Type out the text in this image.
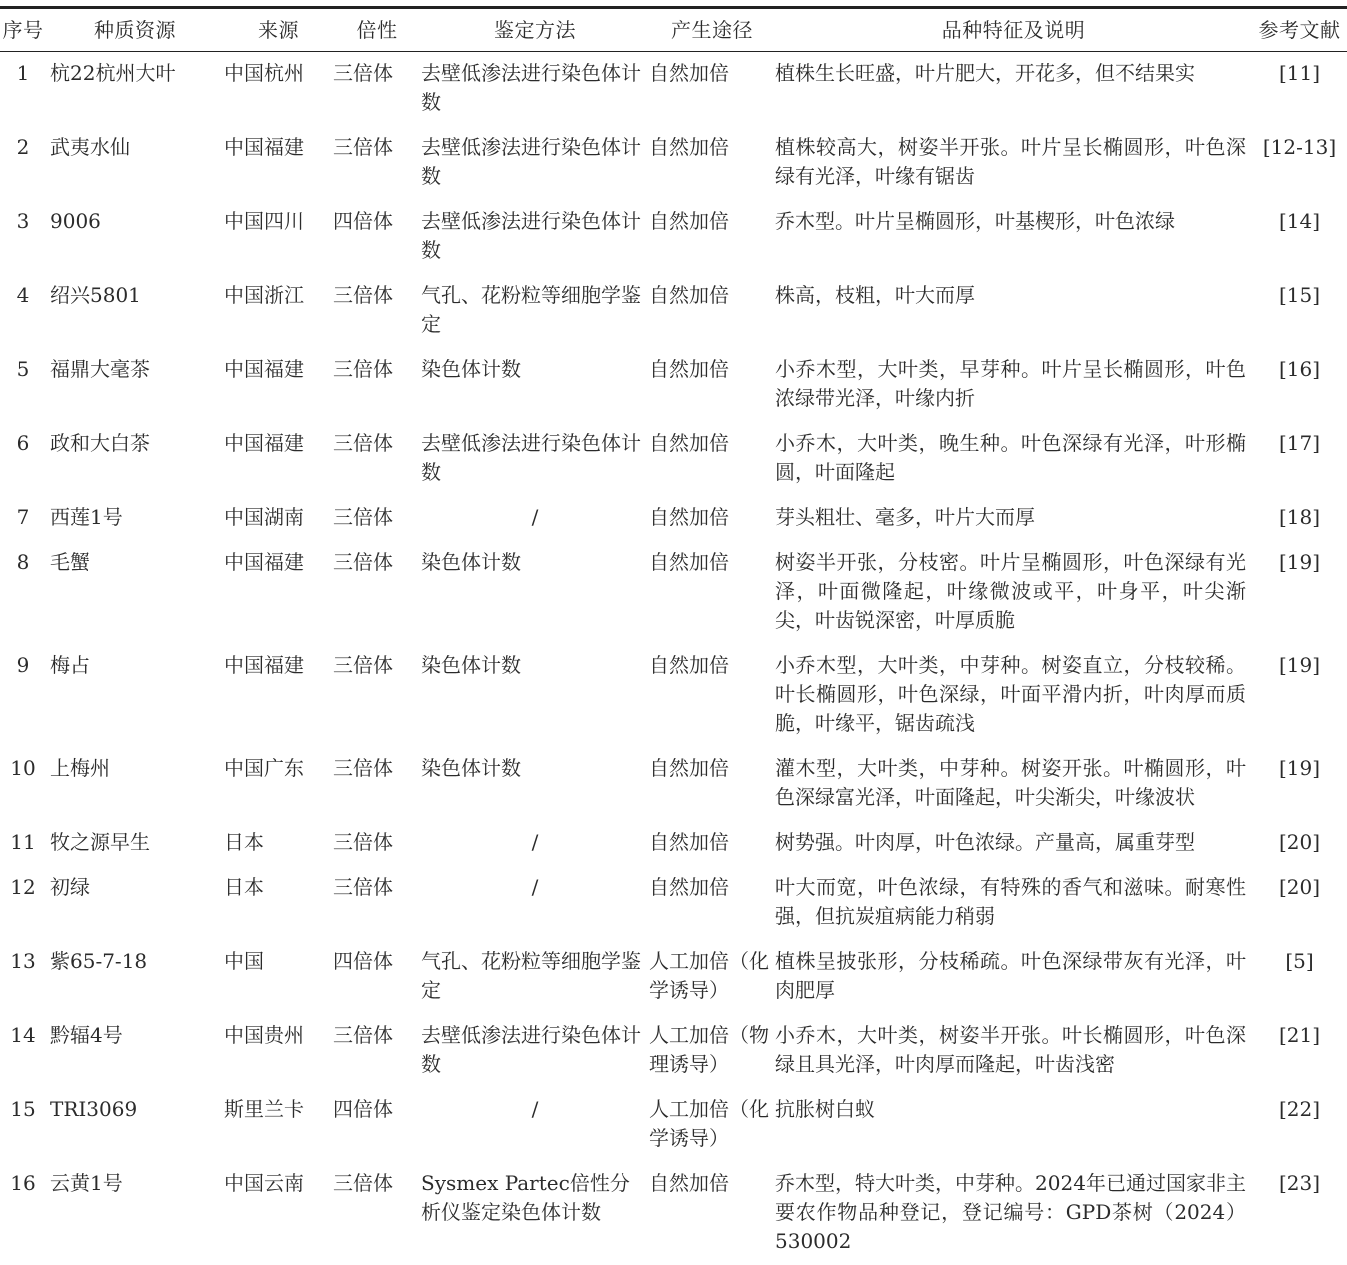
序号	种质资源	来源	倍性	鉴定方法	产生途径	品种特征及说明	参考文献
1	杭22杭州大叶	中国杭州	三倍体	去壁低渗法进行染色体计数	自然加倍	植株生长旺盛，叶片肥大，开花多，但不结果实	[11]
2	武夷水仙	中国福建	三倍体	去壁低渗法进行染色体计数	自然加倍	植株较高大，树姿半开张。叶片呈长椭圆形，叶色深绿有光泽，叶缘有锯齿	[12-13]
3	9006	中国四川	四倍体	去壁低渗法进行染色体计数	自然加倍	乔木型。叶片呈椭圆形，叶基楔形，叶色浓绿	[14]
4	绍兴5801	中国浙江	三倍体	气孔、花粉粒等细胞学鉴定	自然加倍	株高，枝粗，叶大而厚	[15]
5	福鼎大毫茶	中国福建	三倍体	染色体计数	自然加倍	小乔木型，大叶类，早芽种。叶片呈长椭圆形，叶色浓绿带光泽，叶缘内折	[16]
6	政和大白茶	中国福建	三倍体	去壁低渗法进行染色体计数	自然加倍	小乔木，大叶类，晚生种。叶色深绿有光泽，叶形椭圆，叶面隆起	[17]
7	西莲1号	中国湖南	三倍体	/	自然加倍	芽头粗壮、毫多，叶片大而厚	[18]
8	毛蟹	中国福建	三倍体	染色体计数	自然加倍	树姿半开张，分枝密。叶片呈椭圆形，叶色深绿有光泽，叶面微隆起，叶缘微波或平，叶身平，叶尖渐尖，叶齿锐深密，叶厚质脆	[19]
9	梅占	中国福建	三倍体	染色体计数	自然加倍	小乔木型，大叶类，中芽种。树姿直立，分枝较稀。叶长椭圆形，叶色深绿，叶面平滑内折，叶肉厚而质脆，叶缘平，锯齿疏浅	[19]
10	上梅州	中国广东	三倍体	染色体计数	自然加倍	灌木型，大叶类，中芽种。树姿开张。叶椭圆形，叶色深绿富光泽，叶面隆起，叶尖渐尖，叶缘波状	[19]
11	牧之源早生	日本	三倍体	/	自然加倍	树势强。叶肉厚，叶色浓绿。产量高，属重芽型	[20]
12	初绿	日本	三倍体	/	自然加倍	叶大而宽，叶色浓绿，有特殊的香气和滋味。耐寒性强，但抗炭疽病能力稍弱	[20]
13	紫65-7-18	中国	四倍体	气孔、花粉粒等细胞学鉴定	人工加倍（化学诱导）	植株呈披张形，分枝稀疏。叶色深绿带灰有光泽，叶肉肥厚	[5]
14	黔辐4号	中国贵州	三倍体	去壁低渗法进行染色体计数	人工加倍（物理诱导）	小乔木，大叶类，树姿半开张。叶长椭圆形，叶色深绿且具光泽，叶肉厚而隆起，叶齿浅密	[21]
15	TRI3069	斯里兰卡	四倍体	/	人工加倍（化学诱导）	抗胀树白蚁	[22]
16	云黄1号	中国云南	三倍体	Sysmex Partec倍性分析仪鉴定染色体计数	自然加倍	乔木型，特大叶类，中芽种。2024年已通过国家非主要农作物品种登记，登记编号：GPD茶树（2024）530002	[23]
